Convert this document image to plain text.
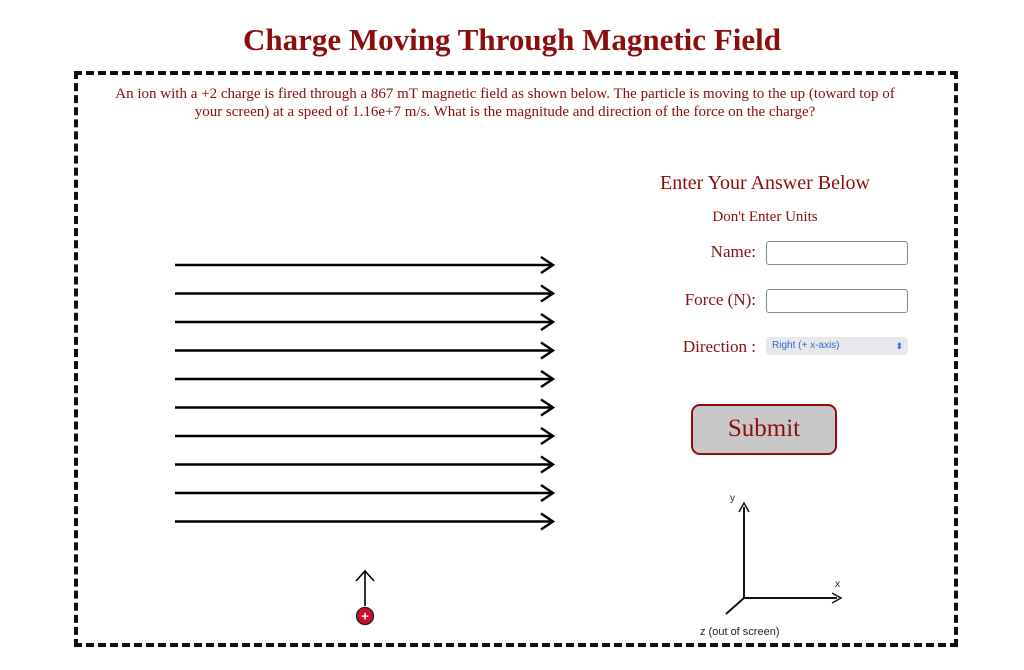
Charge Moving Through Magnetic Field
An ion with a +2 charge is fired through a 867 mT magnetic field as shown below. The particle is moving to the up (toward top of your screen) at a speed of 1.16e+7 m/s. What is the magnitude and direction of the force on the charge?
+
y
x
z (out of screen)
Enter Your Answer Below
Don't Enter Units
Name:
Force (N):
Direction :	Right (+ x-axis)	⬍
Submit
